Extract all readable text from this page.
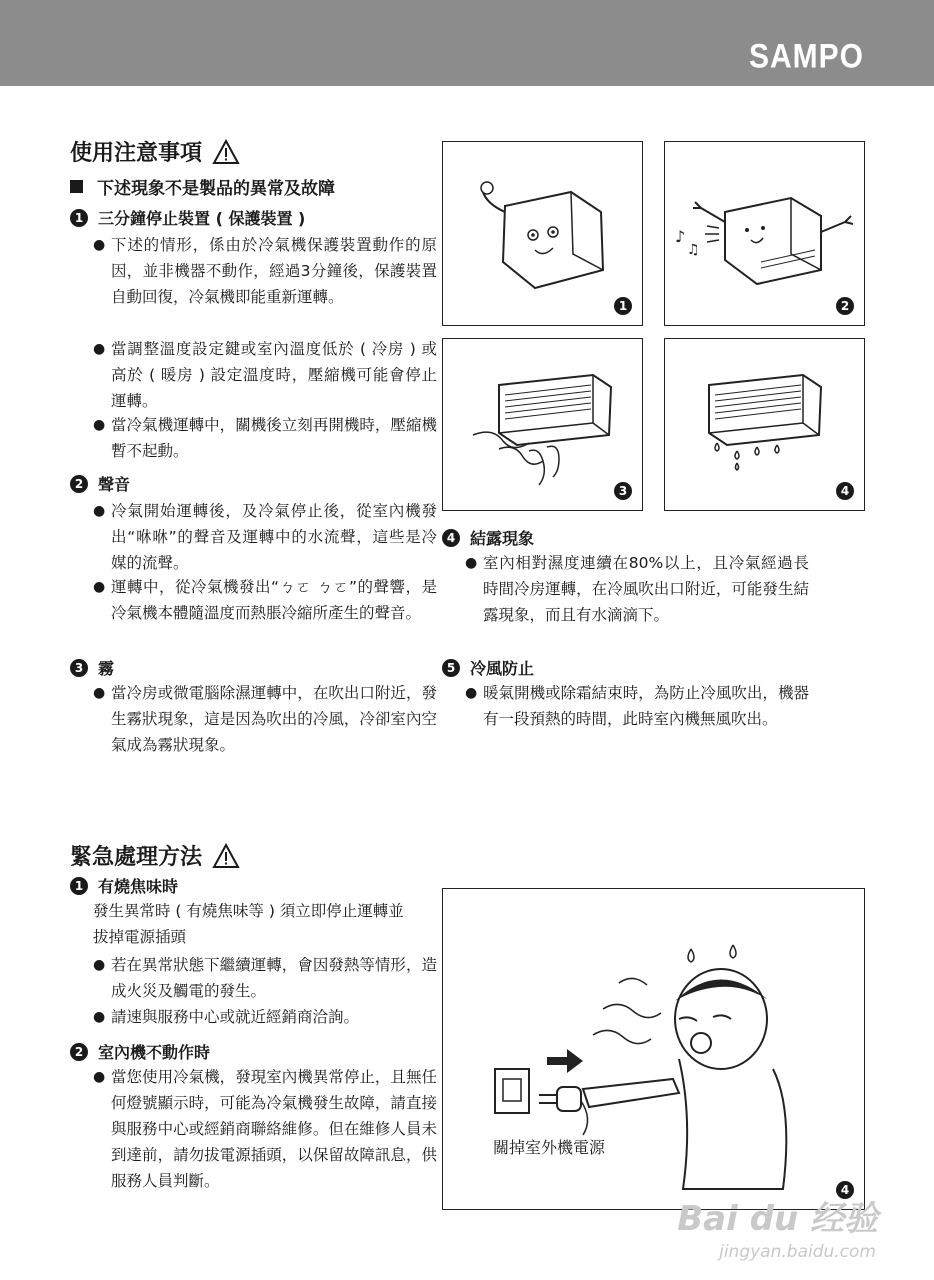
SAMPO
使用注意事項
下述現象不是製品的異常及故障
1 三分鐘停止裝置 ( 保護裝置 )
● 下述的情形，係由於冷氣機保護裝置動作的原因，並非機器不動作，經過3分鐘後，保護裝置自動回復，冷氣機即能重新運轉。
● 當調整溫度設定鍵或室內溫度低於 ( 冷房 ) 或高於 ( 暖房 ) 設定溫度時，壓縮機可能會停止運轉。
● 當冷氣機運轉中，關機後立刻再開機時，壓縮機暫不起動。
2 聲音
● 冷氣開始運轉後，及冷氣停止後，從室內機發出“咻咻”的聲音及運轉中的水流聲，這些是冷媒的流聲。
● 運轉中，從冷氣機發出“ㄅㄛ ㄅㄛ”的聲響，是冷氣機本體隨溫度而熱脹冷縮所產生的聲音。
3 霧
● 當冷房或微電腦除濕運轉中，在吹出口附近，發生霧狀現象，這是因為吹出的冷風，冷卻室內空氣成為霧狀現象。
1
♪
♫
2
3	4
4 結露現象
● 室內相對濕度連續在80%以上，且冷氣經過長時間冷房運轉，在冷風吹出口附近，可能發生結露現象，而且有水滴滴下。
5 冷風防止
● 暖氣開機或除霜結束時，為防止冷風吹出，機器有一段預熱的時間，此時室內機無風吹出。
緊急處理方法
1 有燒焦味時
發生異常時 ( 有燒焦味等 ) 須立即停止運轉並拔掉電源插頭
● 若在異常狀態下繼續運轉，會因發熱等情形，造成火災及觸電的發生。
● 請速與服務中心或就近經銷商洽詢。
2 室內機不動作時
● 當您使用冷氣機，發現室內機異常停止，且無任何燈號顯示時，可能為冷氣機發生故障，請直接與服務中心或經銷商聯絡維修。但在維修人員未到達前，請勿拔電源插頭，以保留故障訊息，供服務人員判斷。
關掉室外機電源
4
Bai du 经验
jingyan.baidu.com
